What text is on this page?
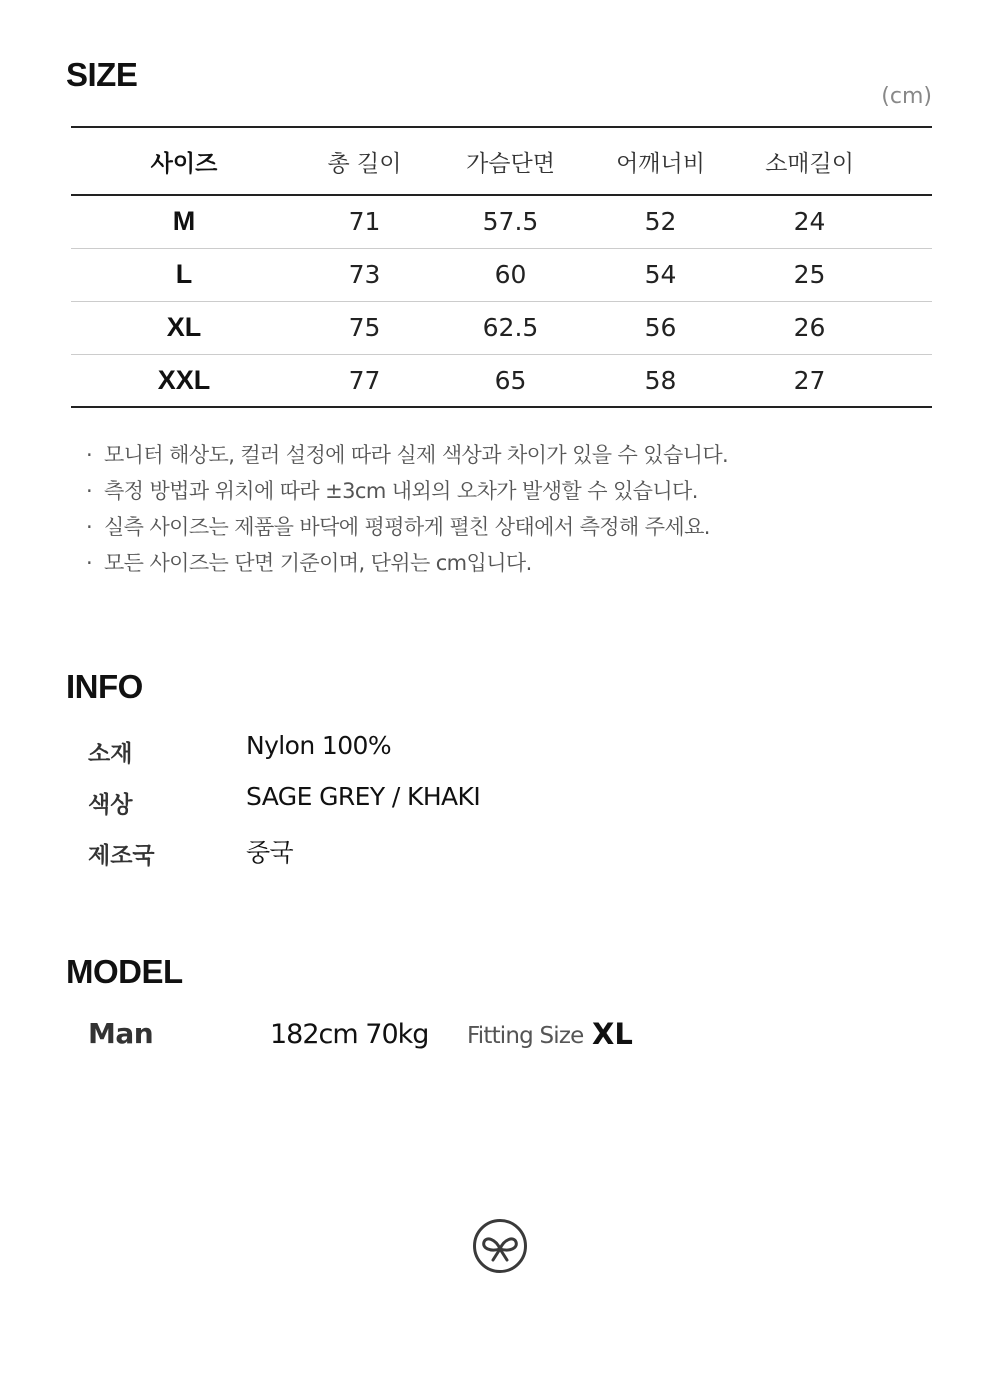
SIZE
(cm)
사이즈	총 길이	가슴단면	어깨너비	소매길이	
M	71	57.5	52	24	
L	73	60	54	25	
XL	75	62.5	56	26	
XXL	77	65	58	27	
· 모니터 해상도, 컬러 설정에 따라 실제 색상과 차이가 있을 수 있습니다.
· 측정 방법과 위치에 따라 ±3cm 내외의 오차가 발생할 수 있습니다.
· 실측 사이즈는 제품을 바닥에 평평하게 펼친 상태에서 측정해 주세요.
· 모든 사이즈는 단면 기준이며, 단위는 cm입니다.
INFO
소재	Nylon 100%
색상	SAGE GREY / KHAKI
제조국	중국
MODEL
Man	182cm 70kg Fitting Size XL
